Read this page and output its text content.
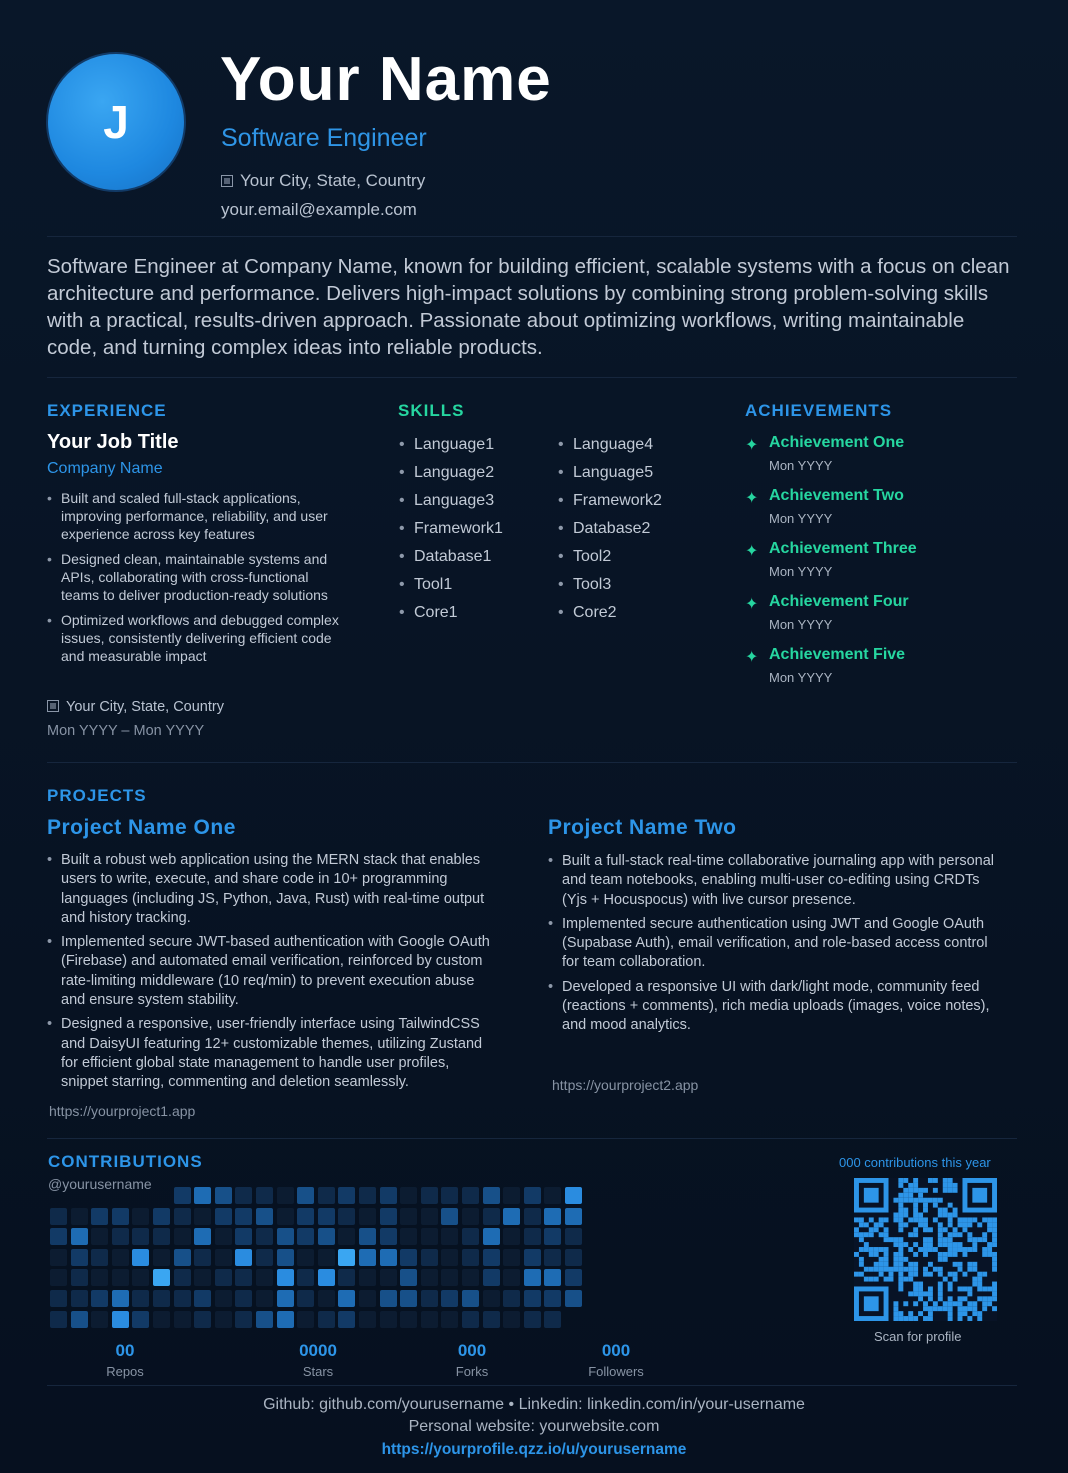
J
Your Name
Software Engineer
Your City, State, Country
your.email@example.com
Software Engineer at Company Name, known for building efficient, scalable systems with a focus on clean architecture and performance. Delivers high-impact solutions by combining strong problem-solving skills with a practical, results-driven approach. Passionate about optimizing workflows, writing maintainable code, and turning complex ideas into reliable products.
EXPERIENCE
Your Job Title
Company Name
• Built and scaled full-stack applications, improving performance, reliability, and user experience across key features
• Designed clean, maintainable systems and APIs, collaborating with cross-functional teams to deliver production-ready solutions
• Optimized workflows and debugged complex issues, consistently delivering efficient code and measurable impact
Your City, State, Country
Mon YYYY – Mon YYYY
SKILLS
• Language1
• Language2
• Language3
• Framework1
• Database1
• Tool1
• Core1
• Language4
• Language5
• Framework2
• Database2
• Tool2
• Tool3
• Core2
ACHIEVEMENTS
✦ Achievement One
Mon YYYY
✦ Achievement Two
Mon YYYY
✦ Achievement Three
Mon YYYY
✦ Achievement Four
Mon YYYY
✦ Achievement Five
Mon YYYY
PROJECTS
Project Name One
• Built a robust web application using the MERN stack that enables users to write, execute, and share code in 10+ programming languages (including JS, Python, Java, Rust) with real-time output and history tracking.
• Implemented secure JWT-based authentication with Google OAuth (Firebase) and automated email verification, reinforced by custom rate-limiting middleware (10 req/min) to prevent execution abuse and ensure system stability.
• Designed a responsive, user-friendly interface using TailwindCSS and DaisyUI featuring 12+ customizable themes, utilizing Zustand for efficient global state management to handle user profiles, snippet starring, commenting and deletion seamlessly.
https://yourproject1.app
Project Name Two
• Built a full-stack real-time collaborative journaling app with personal and team notebooks, enabling multi-user co-editing using CRDTs (Yjs + Hocuspocus) with live cursor presence.
• Implemented secure authentication using JWT and Google OAuth (Supabase Auth), email verification, and role-based access control for team collaboration.
• Developed a responsive UI with dark/light mode, community feed (reactions + comments), rich media uploads (images, voice notes), and mood analytics.
https://yourproject2.app
CONTRIBUTIONS
@yourusername
00
Repos
0000
Stars
000
Forks
000
Followers
000 contributions this year
Scan for profile
Github: github.com/yourusername • Linkedin: linkedin.com/in/your-username
Personal website: yourwebsite.com
https://yourprofile.qzz.io/u/yourusername
